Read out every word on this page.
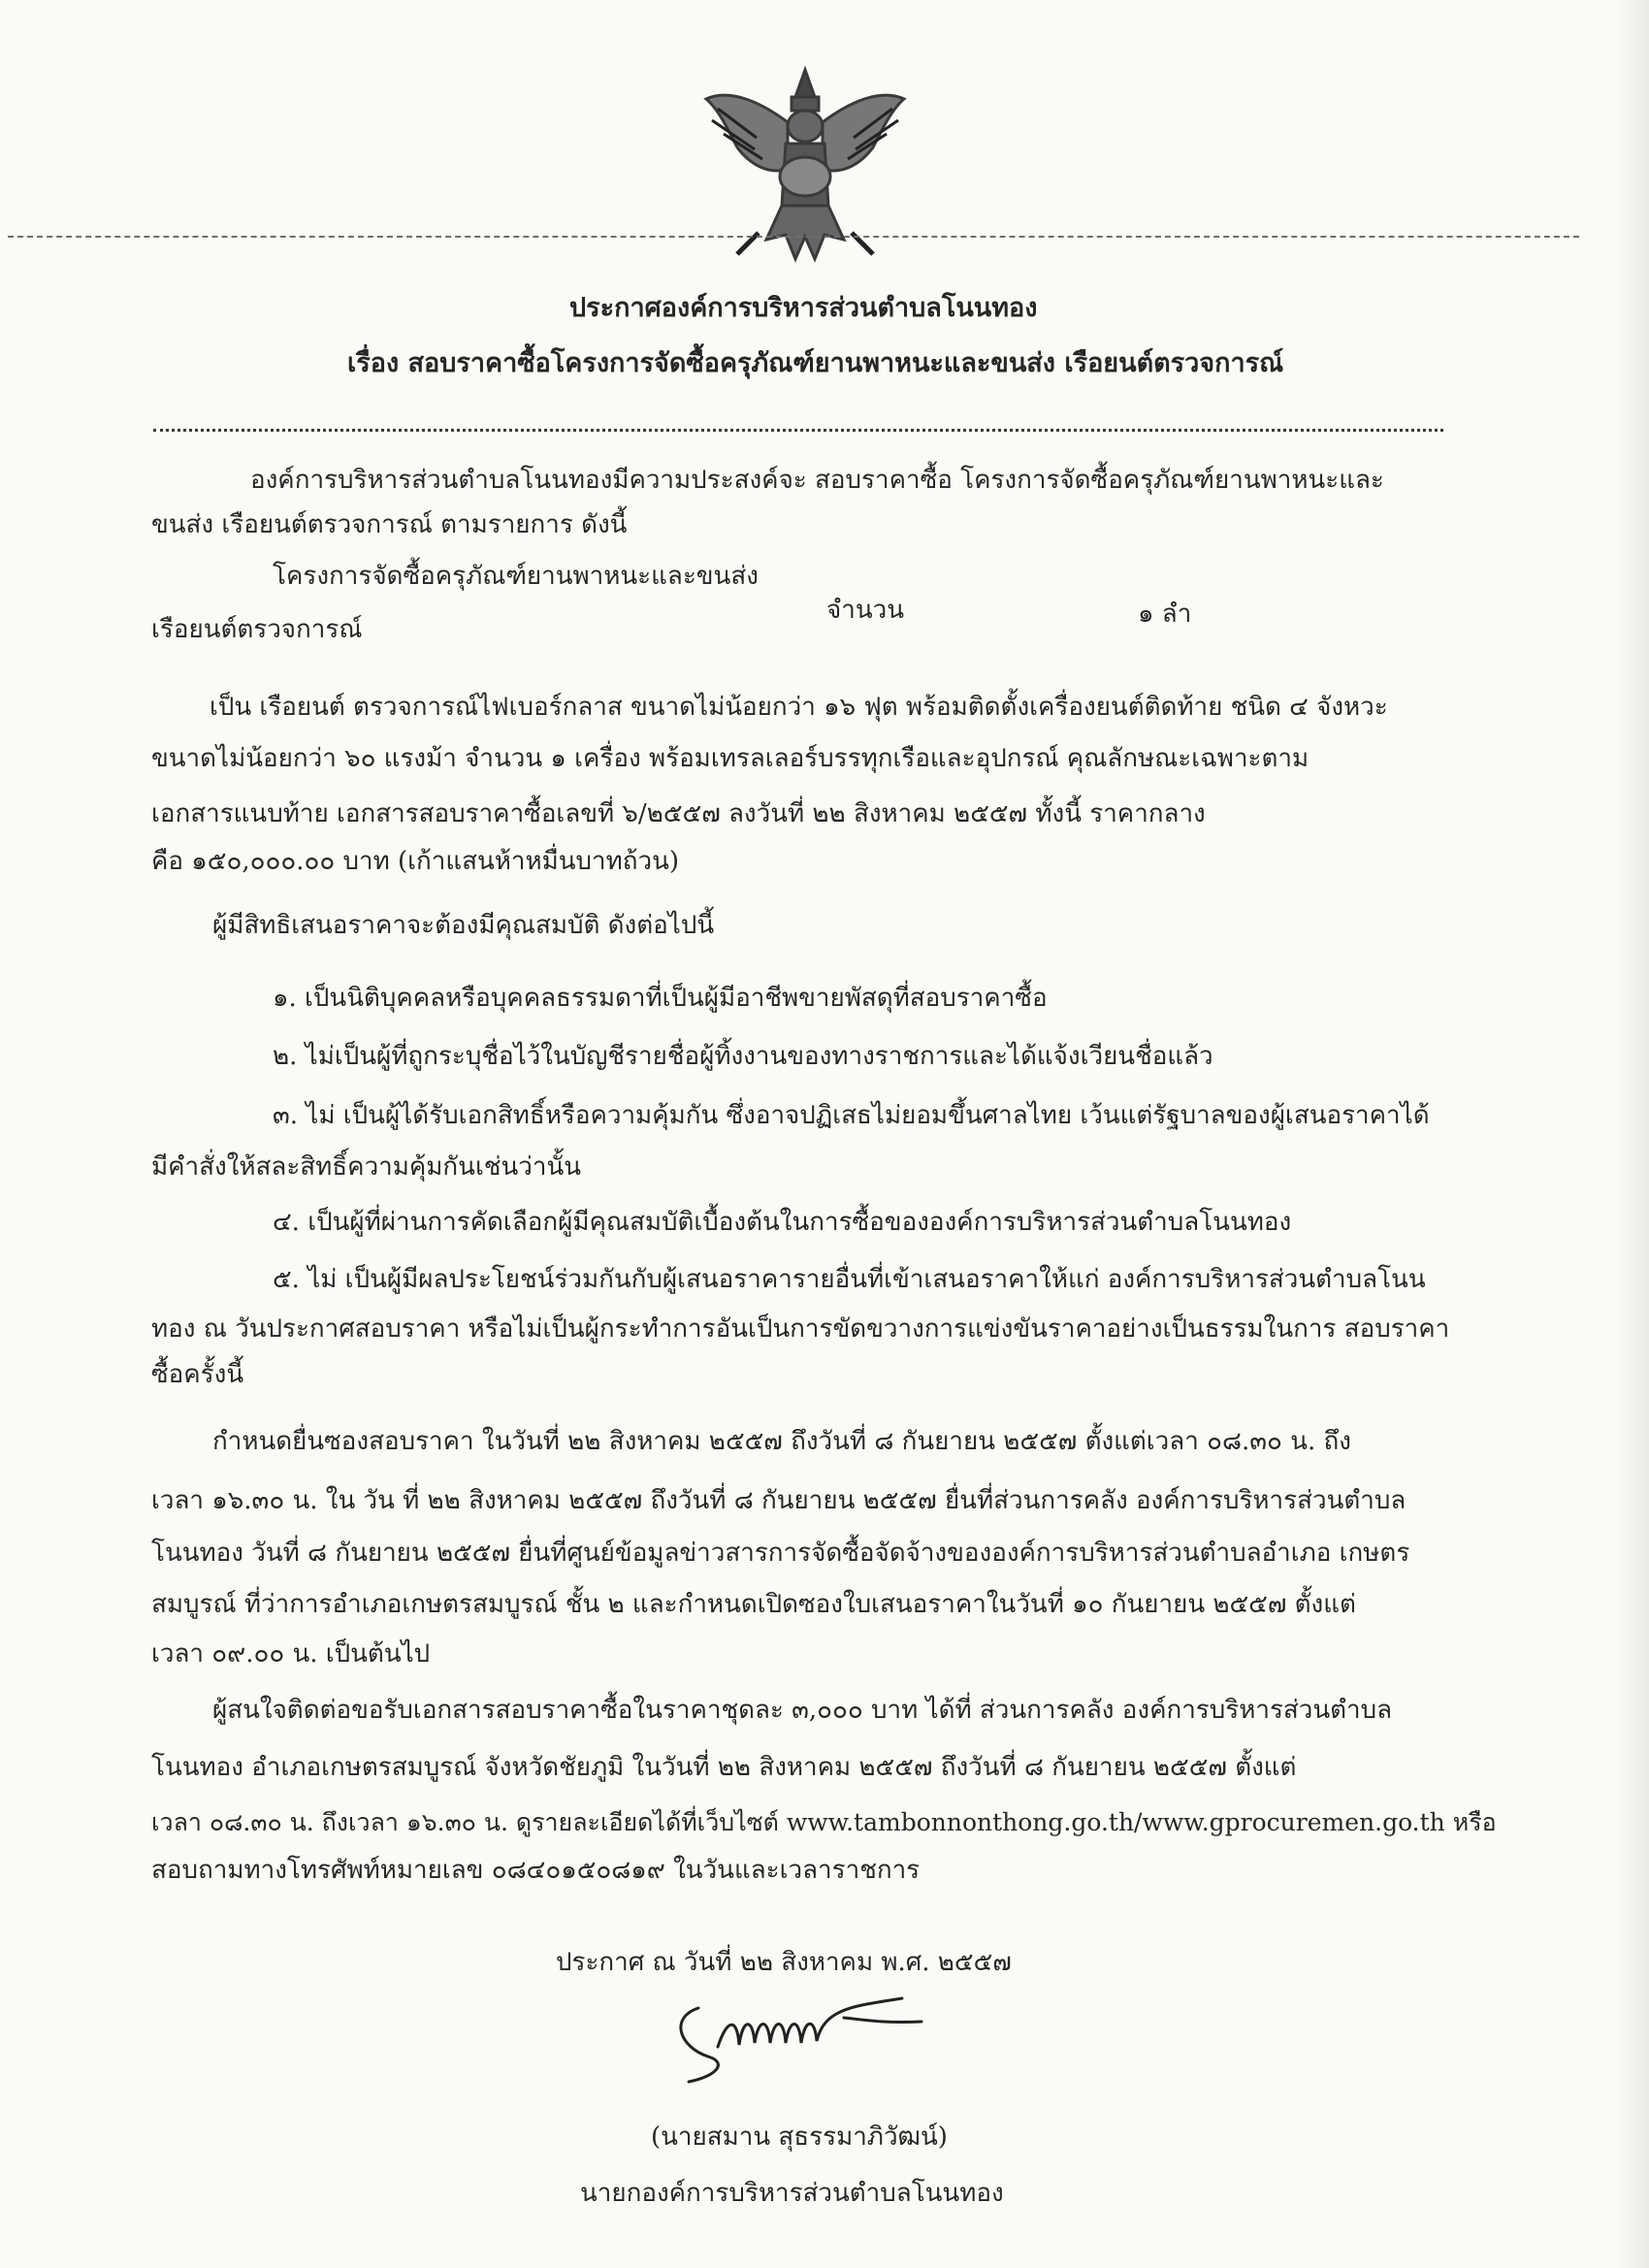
ประกาศองค์การบริหารส่วนตำบลโนนทอง
เรื่อง สอบราคาซื้อโครงการจัดซื้อครุภัณฑ์ยานพาหนะและขนส่ง เรือยนต์ตรวจการณ์
องค์การบริหารส่วนตำบลโนนทองมีความประสงค์จะ สอบราคาซื้อ โครงการจัดซื้อครุภัณฑ์ยานพาหนะและ
ขนส่ง เรือยนต์ตรวจการณ์ ตามรายการ ดังนี้
โครงการจัดซื้อครุภัณฑ์ยานพาหนะและขนส่ง
เรือยนต์ตรวจการณ์
จำนวน	๑ ลำ
เป็น เรือยนต์ ตรวจการณ์ไฟเบอร์กลาส ขนาดไม่น้อยกว่า ๑๖ ฟุต พร้อมติดตั้งเครื่องยนต์ติดท้าย ชนิด ๔ จังหวะ
ขนาดไม่น้อยกว่า ๖๐ แรงม้า จำนวน ๑ เครื่อง พร้อมเทรลเลอร์บรรทุกเรือและอุปกรณ์ คุณลักษณะเฉพาะตาม
เอกสารแนบท้าย เอกสารสอบราคาซื้อเลขที่ ๖/๒๕๕๗ ลงวันที่ ๒๒ สิงหาคม ๒๕๕๗ ทั้งนี้ ราคากลาง
คือ ๑๕๐,๐๐๐.๐๐ บาท (เก้าแสนห้าหมื่นบาทถ้วน)
ผู้มีสิทธิเสนอราคาจะต้องมีคุณสมบัติ ดังต่อไปนี้
๑. เป็นนิติบุคคลหรือบุคคลธรรมดาที่เป็นผู้มีอาชีพขายพัสดุที่สอบราคาซื้อ
๒. ไม่เป็นผู้ที่ถูกระบุชื่อไว้ในบัญชีรายชื่อผู้ทิ้งงานของทางราชการและได้แจ้งเวียนชื่อแล้ว
๓. ไม่ เป็นผู้ได้รับเอกสิทธิ์หรือความคุ้มกัน ซึ่งอาจปฏิเสธไม่ยอมขึ้นศาลไทย เว้นแต่รัฐบาลของผู้เสนอราคาได้
มีคำสั่งให้สละสิทธิ์ความคุ้มกันเช่นว่านั้น
๔. เป็นผู้ที่ผ่านการคัดเลือกผู้มีคุณสมบัติเบื้องต้นในการซื้อขององค์การบริหารส่วนตำบลโนนทอง
๕. ไม่ เป็นผู้มีผลประโยชน์ร่วมกันกับผู้เสนอราคารายอื่นที่เข้าเสนอราคาให้แก่ องค์การบริหารส่วนตำบลโนน
ทอง ณ วันประกาศสอบราคา หรือไม่เป็นผู้กระทำการอันเป็นการขัดขวางการแข่งขันราคาอย่างเป็นธรรมในการ สอบราคา
ซื้อครั้งนี้
กำหนดยื่นซองสอบราคา ในวันที่ ๒๒ สิงหาคม ๒๕๕๗ ถึงวันที่ ๘ กันยายน ๒๕๕๗ ตั้งแต่เวลา ๐๘.๓๐ น. ถึง
เวลา ๑๖.๓๐ น. ใน วัน ที่ ๒๒ สิงหาคม ๒๕๕๗ ถึงวันที่ ๘ กันยายน ๒๕๕๗ ยื่นที่ส่วนการคลัง องค์การบริหารส่วนตำบล
โนนทอง วันที่ ๘ กันยายน ๒๕๕๗ ยื่นที่ศูนย์ข้อมูลข่าวสารการจัดซื้อจัดจ้างขององค์การบริหารส่วนตำบลอำเภอ เกษตร
สมบูรณ์ ที่ว่าการอำเภอเกษตรสมบูรณ์ ชั้น ๒ และกำหนดเปิดซองใบเสนอราคาในวันที่ ๑๐ กันยายน ๒๕๕๗ ตั้งแต่
เวลา ๐๙.๐๐ น. เป็นต้นไป
ผู้สนใจติดต่อขอรับเอกสารสอบราคาซื้อในราคาชุดละ ๓,๐๐๐ บาท ได้ที่ ส่วนการคลัง องค์การบริหารส่วนตำบล
โนนทอง อำเภอเกษตรสมบูรณ์ จังหวัดชัยภูมิ ในวันที่ ๒๒ สิงหาคม ๒๕๕๗ ถึงวันที่ ๘ กันยายน ๒๕๕๗ ตั้งแต่
เวลา ๐๘.๓๐ น. ถึงเวลา ๑๖.๓๐ น. ดูรายละเอียดได้ที่เว็บไซต์ www.tambonnonthong.go.th/www.gprocuremen.go.th หรือ
สอบถามทางโทรศัพท์หมายเลข ๐๘๔๐๑๕๐๘๑๙ ในวันและเวลาราชการ
ประกาศ ณ วันที่ ๒๒ สิงหาคม พ.ศ. ๒๕๕๗
(นายสมาน สุธรรมาภิวัฒน์)
นายกองค์การบริหารส่วนตำบลโนนทอง
